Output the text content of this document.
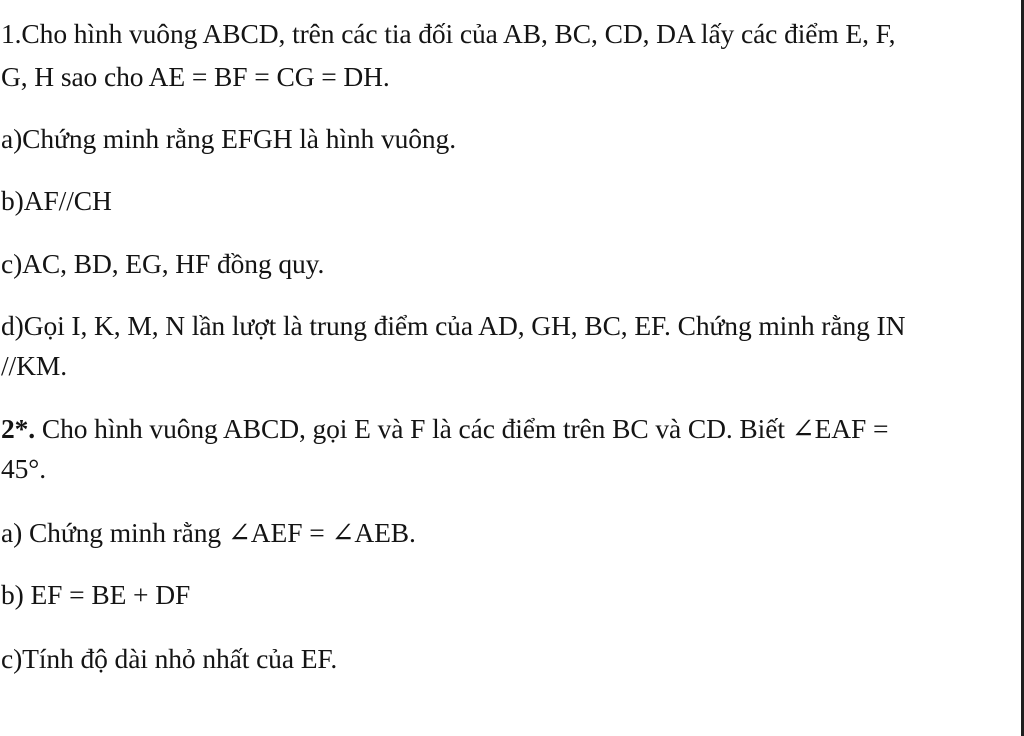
1.Cho hình vuông ABCD, trên các tia đối của AB, BC, CD, DA lấy các điểm E, F,
G, H sao cho AE = BF = CG = DH.
a)Chứng minh rằng EFGH là hình vuông.
b)AF//CH
c)AC, BD, EG, HF đồng quy.
d)Gọi I, K, M, N lần lượt là trung điểm của AD, GH, BC, EF. Chứng minh rằng IN
//KM.
2*. Cho hình vuông ABCD, gọi E và F là các điểm trên BC và CD. Biết ∠EAF =
45°.
a) Chứng minh rằng ∠AEF = ∠AEB.
b) EF = BE + DF
c)Tính độ dài nhỏ nhất của EF.
